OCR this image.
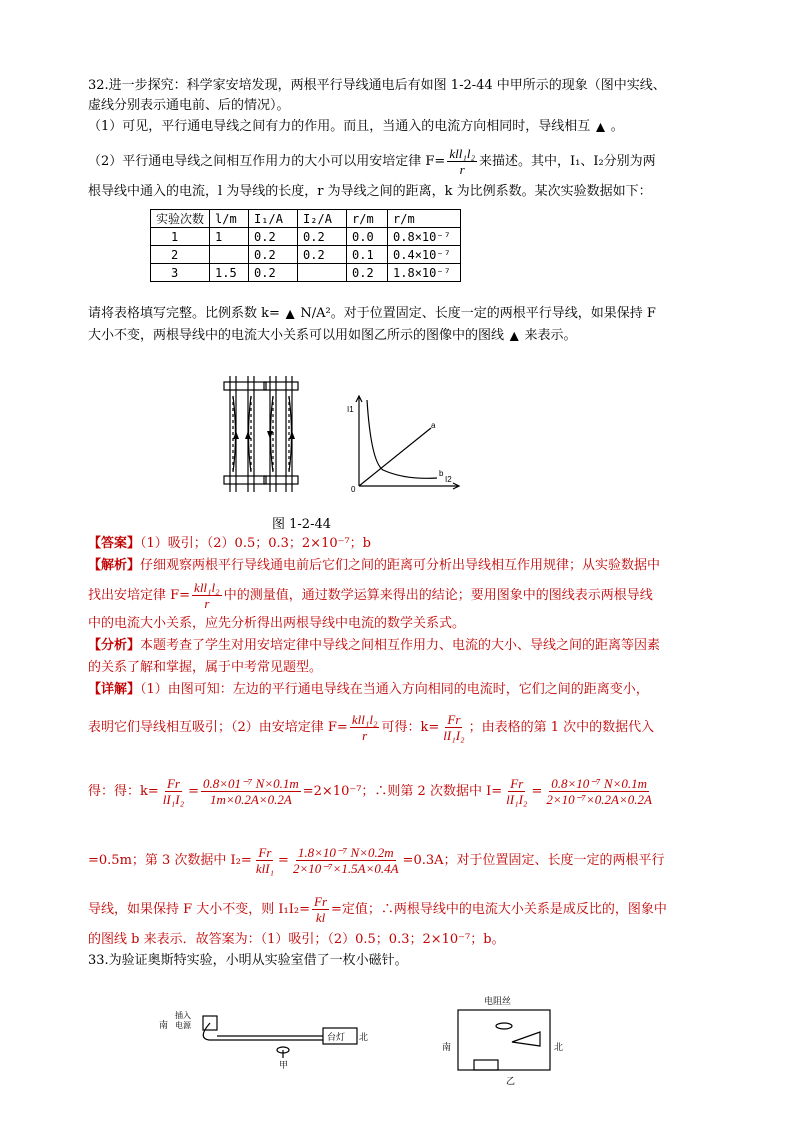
32.进一步探究：科学家安培发现，两根平行导线通电后有如图 1-2-44 中甲所示的现象（图中实线、
虚线分别表示通电前、后的情况）。
（1）可见，平行通电导线之间有力的作用。而且，当通入的电流方向相同时，导线相互 ▲ 。
（2）平行通电导线之间相互作用力的大小可以用安培定律 $F= \frac{\text{kll₁l₂}}{r}$ 来描述。其中，I₁、I₂分别为两
根导线中通入的电流，l 为导线的长度，r 为导线之间的距离，k 为比例系数。某次实验数据如下：
实验次数	l/m	I₁/A	I₂/A	r/m	r/m
1	1	0.2	0.2	0.0	0.8×10⁻⁷
2		0.2	0.2	0.1	0.4×10⁻⁷
3	1.5	0.2		0.2	1.8×10⁻⁷
请将表格填写完整。比例系数 k= ▲ N/A²。对于位置固定、长度一定的两根平行导线，如果保持 F
大小不变，两根导线中的电流大小关系可以用如图乙所示的图像中的图线 ▲ 来表示。
I1
I2
0
a
b
图 1-2-44
【答案】（1）吸引；（2）0.5；0.3；2×10⁻⁷；b
【解析】仔细观察两根平行导线通电前后它们之间的距离可分析出导线相互作用规律；从实验数据中
找出安培定律 $F= \frac{\text{kll₁l₂}}{r}$ 中的测量值，通过数学运算来得出的结论；要用图象中的图线表示两根导线
中的电流大小关系，应先分析得出两根导线中电流的数学关系式。
【分析】本题考查了学生对用安培定律中导线之间相互作用力、电流的大小、导线之间的距离等因素
的关系了解和掌握，属于中考常见题型。
【详解】（1）由图可知：左边的平行通电导线在当通入方向相同的电流时，它们之间的距离变小，
表明它们导线相互吸引；（2）由安培定律 $F= \frac{\text{kll₁l₂}}{r}$ 可得：$k= \frac{Fr}{\text{lI₁I₂}}$ ；由表格的第 1 次中的数据代入
得：得：$k= \frac{Fr}{\text{lI₁I₂}} = \frac{\text{0.8×01⁻⁷ N×0.1m}}{1m\times 0.2A\times 0.2A} =2\times 10^{-7}$；∴则第 2 次数据中 $I= \frac{Fr}{\text{lI₁I₂}} = \frac{\text{0.8×10⁻⁷ N×0.1m}}{\text{2×10⁻⁷×0.2A×0.2A}}$
=0.5m；第 3 次数据中 $I_2= \frac{Fr}{\text{klI₁}} = \frac{\text{1.8×10⁻⁷ N×0.2m}}{\text{2×10⁻⁷×1.5A×0.4A}} =0.3A$；对于位置固定、长度一定的两根平行
导线，如果保持 F 大小不变，则 $I_1I_2= \frac{Fr}{kl}$ =定值；∴两根导线中的电流大小关系是成反比的，图象中
的图线 b 来表示．故答案为：（1）吸引；（2）0.5；0.3；2×10⁻⁷；b。
33.为验证奥斯特实验，小明从实验室借了一枚小磁针。
南
插入
电源
台灯 北
甲
电阻丝
南	北
乙
